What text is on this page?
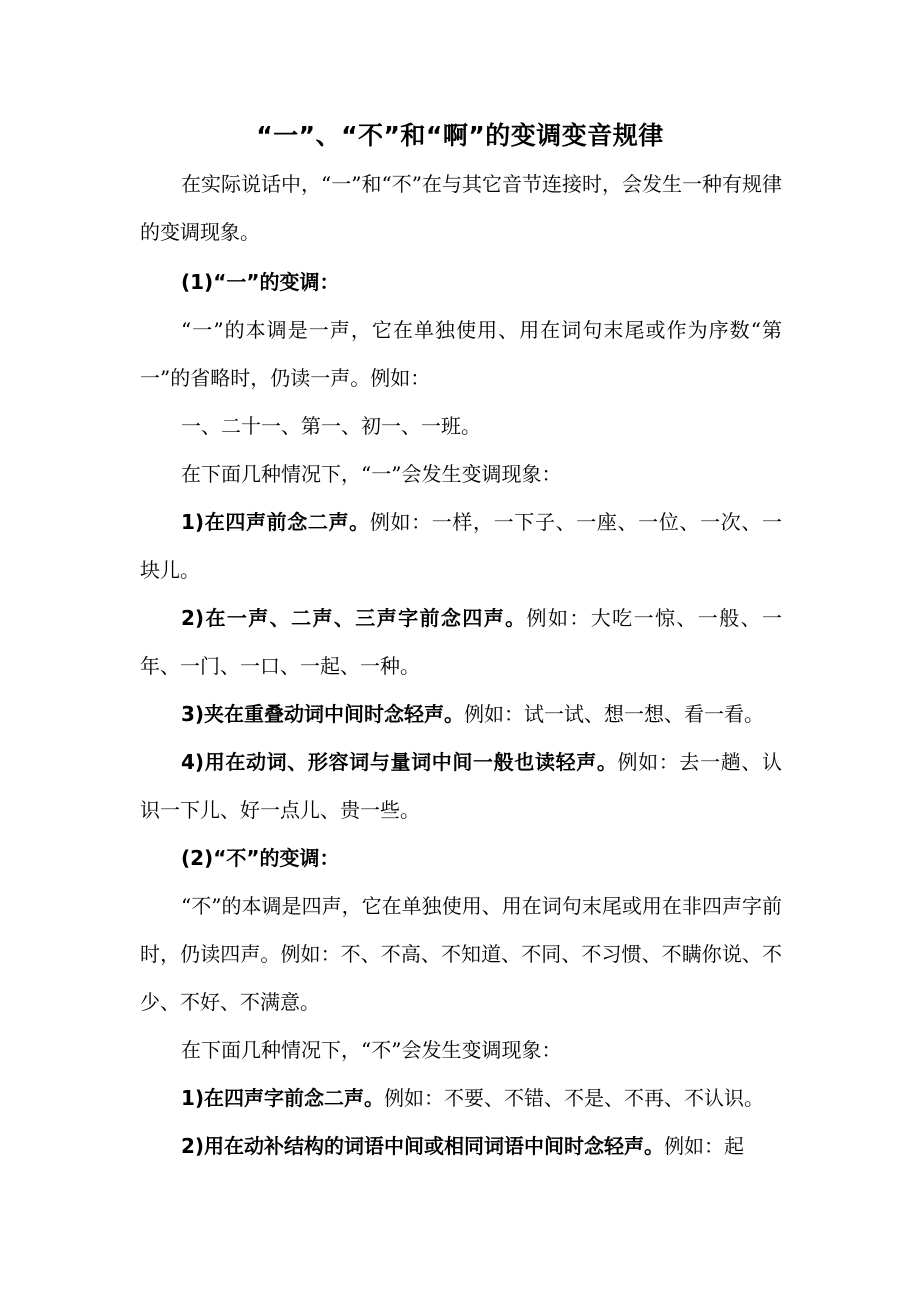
“一”、“不”和“啊”的变调变音规律

在实际说话中，“一”和“不”在与其它音节连接时，会发生一种有规律的变调现象。

(1)“一”的变调：

“一”的本调是一声，它在单独使用、用在词句末尾或作为序数“第一”的省略时，仍读一声。例如：

一、二十一、第一、初一、一班。

在下面几种情况下，“一”会发生变调现象：

1)在四声前念二声。例如：一样，一下子、一座、一位、一次、一块儿。

2)在一声、二声、三声字前念四声。例如：大吃一惊、一般、一年、一门、一口、一起、一种。

3)夹在重叠动词中间时念轻声。例如：试一试、想一想、看一看。

4)用在动词、形容词与量词中间一般也读轻声。例如：去一趟、认识一下儿、好一点儿、贵一些。

(2)“不”的变调：

“不”的本调是四声，它在单独使用、用在词句末尾或用在非四声字前时，仍读四声。例如：不、不高、不知道、不同、不习惯、不瞒你说、不少、不好、不满意。

在下面几种情况下，“不”会发生变调现象：

1)在四声字前念二声。例如：不要、不错、不是、不再、不认识。

2)用在动补结构的词语中间或相同词语中间时念轻声。例如：起
